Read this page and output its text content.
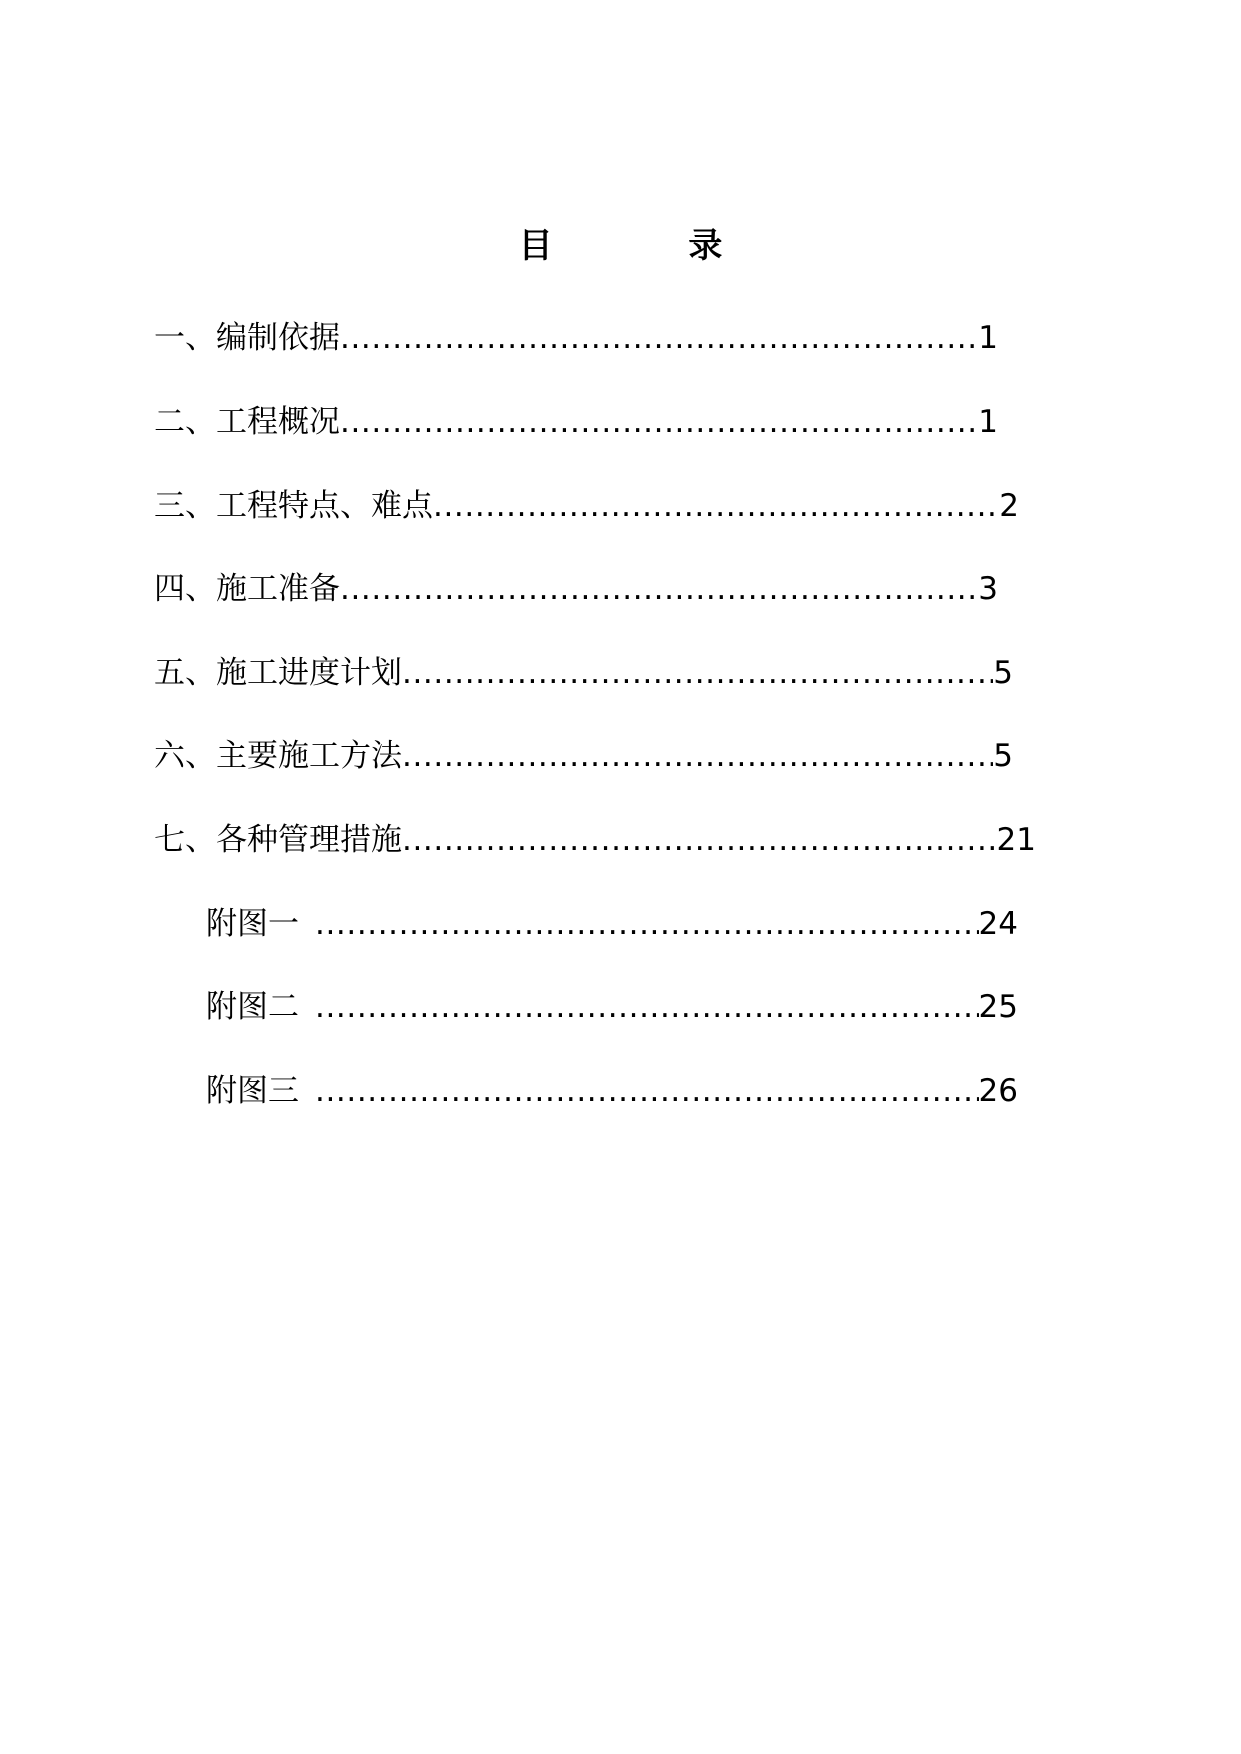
目 录
一、编制依据 .....	1
二、工程概况 .....	1
三、工程特点、难点 .....	2
四、施工准备 .....	3
五、施工进度计划 .....	5
六、主要施工方法 .....	5
七、各种管理措施 .....	21
附图一 .....	24
附图二 .....	25
附图三 .....	26
